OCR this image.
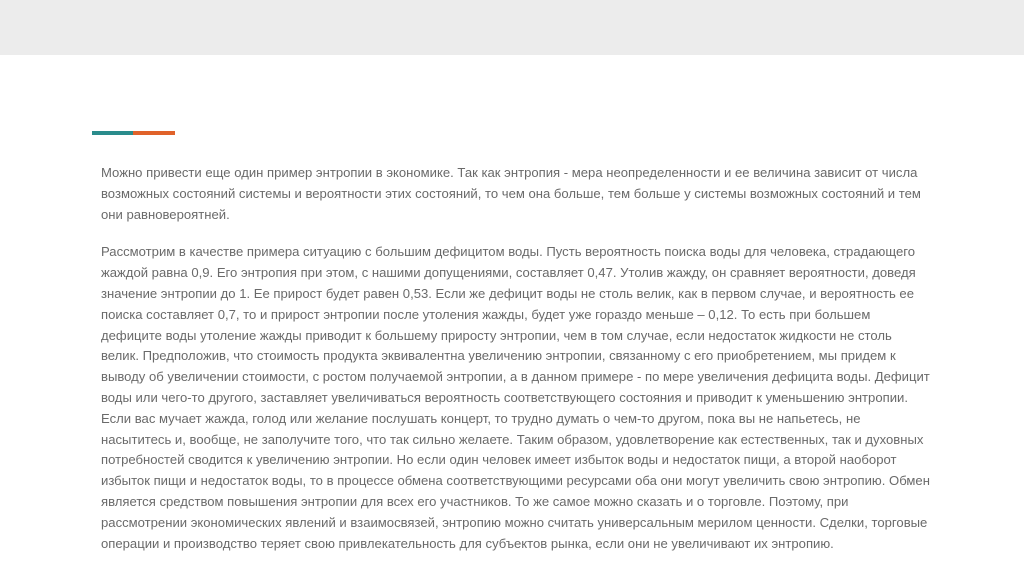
Можно привести еще один пример энтропии в экономике. Так как энтропия - мера неопределенности и ее величина зависит от числа возможных состояний системы и вероятности этих состояний, то чем она больше, тем больше у системы возможных состояний и тем они равновероятней.

Рассмотрим в качестве примера ситуацию с большим дефицитом воды. Пусть вероятность поиска воды для человека, страдающего жаждой равна 0,9. Его энтропия при этом, с нашими допущениями, составляет 0,47. Утолив жажду, он сравняет вероятности, доведя значение энтропии до 1. Ее прирост будет равен 0,53. Если же дефицит воды не столь велик, как в первом случае, и вероятность ее поиска составляет 0,7, то и прирост энтропии после утоления жажды, будет уже гораздо меньше – 0,12. То есть при большем дефиците воды утоление жажды приводит к большему приросту энтропии, чем в том случае, если недостаток жидкости не столь велик. Предположив, что стоимость продукта эквивалентна увеличению энтропии, связанному с его приобретением, мы придем к выводу об увеличении стоимости, с ростом получаемой энтропии, а в данном примере - по мере увеличения дефицита воды. Дефицит воды или чего-то другого, заставляет увеличиваться вероятность соответствующего состояния и приводит к уменьшению энтропии. Если вас мучает жажда, голод или желание послушать концерт, то трудно думать о чем-то другом, пока вы не напьетесь, не насытитесь и, вообще, не заполучите того, что так сильно желаете. Таким образом, удовлетворение как естественных, так и духовных потребностей сводится к увеличению энтропии. Но если один человек имеет избыток воды и недостаток пищи, а второй наоборот избыток пищи и недостаток воды, то в процессе обмена соответствующими ресурсами оба они могут увеличить свою энтропию. Обмен является средством повышения энтропии для всех его участников. То же самое можно сказать и о торговле. Поэтому, при рассмотрении экономических явлений и взаимосвязей, энтропию можно считать универсальным мерилом ценности. Сделки, торговые операции и производство теряет свою привлекательность для субъектов рынка, если они не увеличивают их энтропию.
